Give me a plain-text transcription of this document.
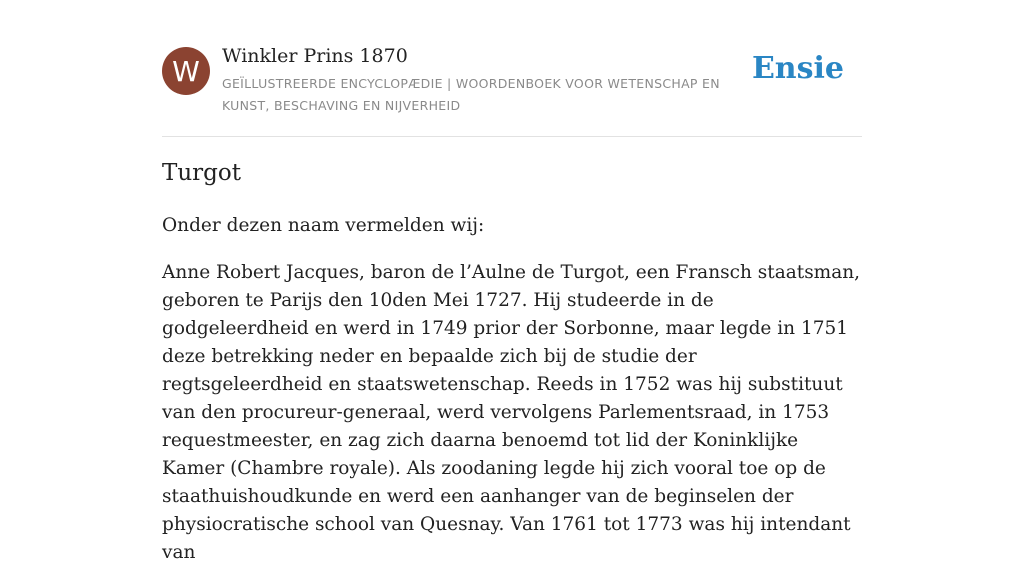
W	Winkler Prins 1870
GEÏLLUSTREERDE ENCYCLOPÆDIE | WOORDENBOEK VOOR WETENSCHAP EN KUNST, BESCHAVING EN NIJVERHEID
Ensie
Turgot

Onder dezen naam vermelden wij:

Anne Robert Jacques, baron de l’Aulne de Turgot, een Fransch staatsman, geboren te Parijs den 10den Mei 1727. Hij studeerde in de godgeleerdheid en werd in 1749 prior der Sorbonne, maar legde in 1751 deze betrekking neder en bepaalde zich bij de studie der regtsgeleerdheid en staatswetenschap. Reeds in 1752 was hij substituut van den procureur-generaal, werd vervolgens Parlementsraad, in 1753 requestmeester, en zag zich daarna benoemd tot lid der Koninklijke Kamer (Chambre royale). Als zoodaning legde hij zich vooral toe op de staathuishoudkunde en werd een aanhanger van de beginselen der physiocratische school van Quesnay. Van 1761 tot 1773 was hij intendant van
